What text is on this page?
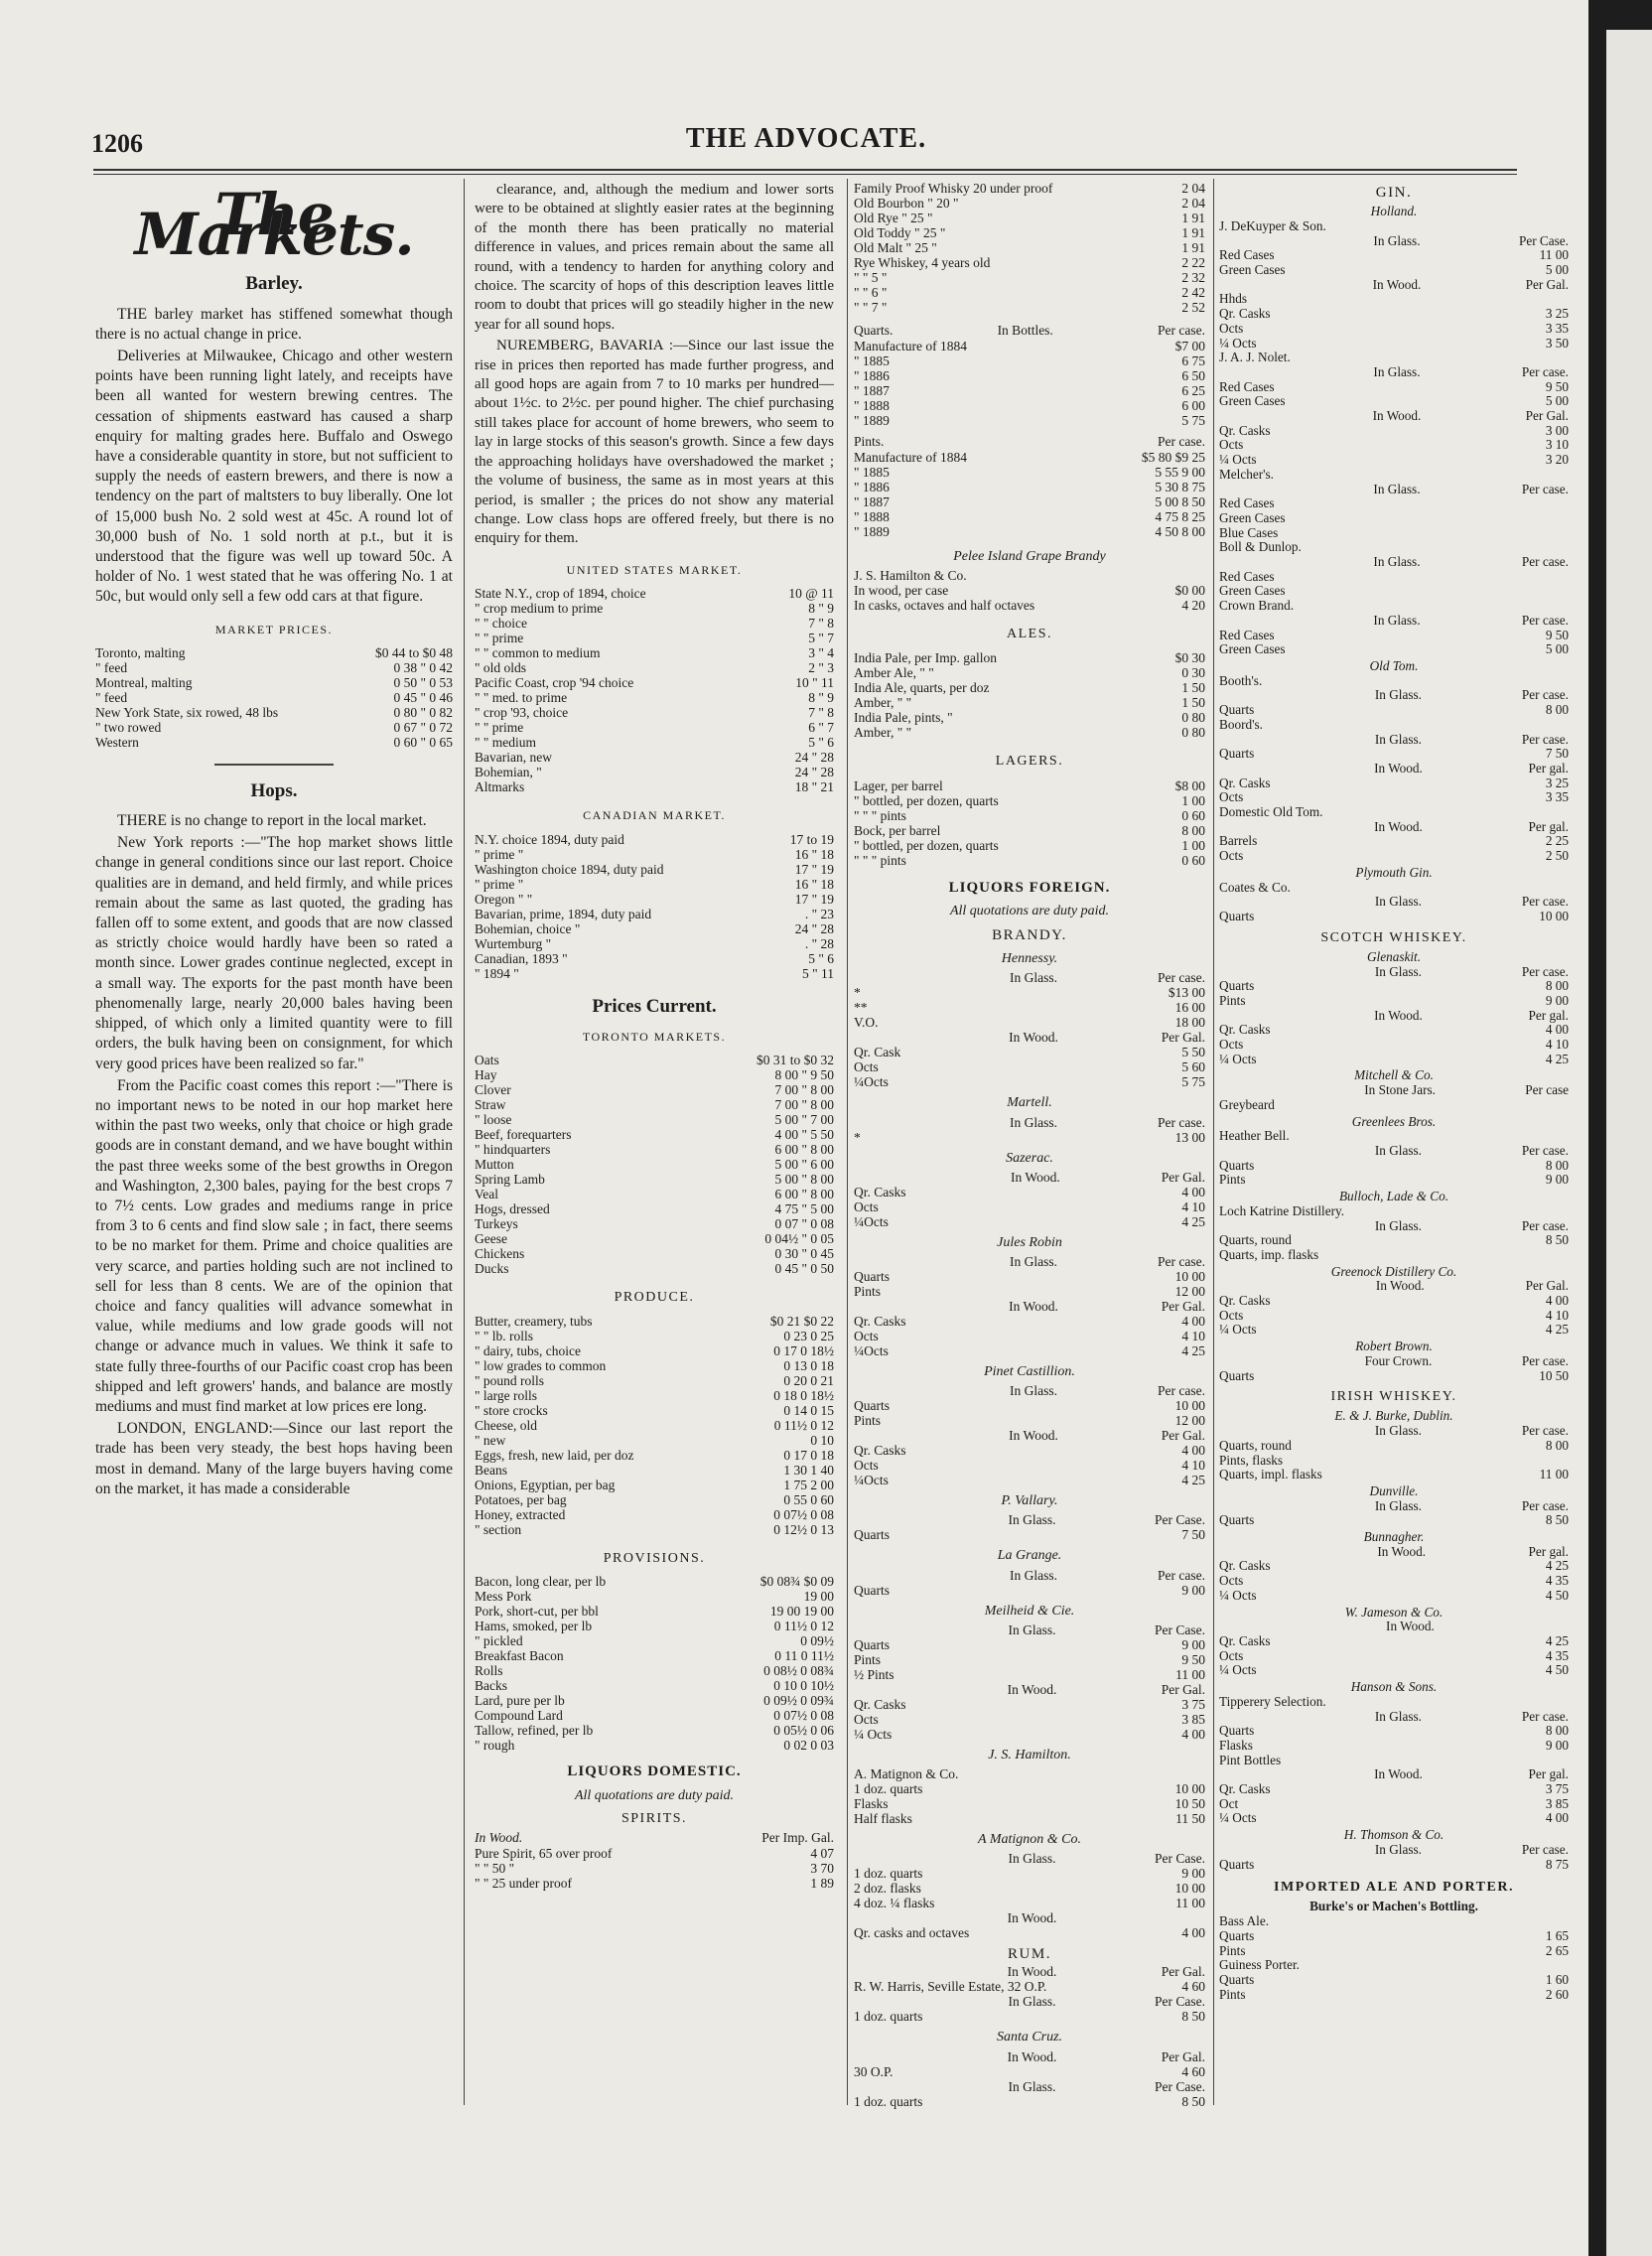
1206	THE ADVOCATE.
The Markets.
Barley.

THE barley market has stiffened somewhat though there is no actual change in price.

Deliveries at Milwaukee, Chicago and other western points have been running light lately, and receipts have been all wanted for western brewing centres. The cessation of shipments eastward has caused a sharp enquiry for malting grades here. Buffalo and Oswego have a considerable quantity in store, but not sufficient to supply the needs of eastern brewers, and there is now a tendency on the part of maltsters to buy liberally. One lot of 15,000 bush No. 2 sold west at 45c. A round lot of 30,000 bush of No. 1 sold north at p.t., but it is understood that the figure was well up toward 50c. A holder of No. 1 west stated that he was offering No. 1 at 50c, but would only sell a few odd cars at that figure.

MARKET PRICES.
Toronto, malting	$0 44 to $0 48
" feed	0 38 " 0 42
Montreal, malting	0 50 " 0 53
" feed	0 45 " 0 46
New York State, six rowed, 48 lbs	0 80 " 0 82
" two rowed	0 67 " 0 72
Western	0 60 " 0 65
Hops.

THERE is no change to report in the local market.

New York reports :—"The hop market shows little change in general conditions since our last report. Choice qualities are in demand, and held firmly, and while prices remain about the same as last quoted, the grading has fallen off to some extent, and goods that are now classed as strictly choice would hardly have been so rated a month since. Lower grades continue neglected, except in a small way. The exports for the past month have been phenomenally large, nearly 20,000 bales having been shipped, of which only a limited quantity were to fill orders, the bulk having been on consignment, for which very good prices have been realized so far."

From the Pacific coast comes this report :—"There is no important news to be noted in our hop market here within the past two weeks, only that choice or high grade goods are in constant demand, and we have bought within the past three weeks some of the best growths in Oregon and Washington, 2,300 bales, paying for the best crops 7 to 7½ cents. Low grades and mediums range in price from 3 to 6 cents and find slow sale ; in fact, there seems to be no market for them. Prime and choice qualities are very scarce, and parties holding such are not inclined to sell for less than 8 cents. We are of the opinion that choice and fancy qualities will advance somewhat in value, while mediums and low grade goods will not change or advance much in values. We think it safe to state fully three-fourths of our Pacific coast crop has been shipped and left growers' hands, and balance are mostly mediums and must find market at low prices ere long.

LONDON, ENGLAND:—Since our last report the trade has been very steady, the best hops having been most in demand. Many of the large buyers having come on the market, it has made a considerable

clearance, and, although the medium and lower sorts were to be obtained at slightly easier rates at the beginning of the month there has been pratically no material difference in values, and prices remain about the same all round, with a tendency to harden for anything colory and choice. The scarcity of hops of this description leaves little room to doubt that prices will go steadily higher in the new year for all sound hops.

NUREMBERG, BAVARIA :—Since our last issue the rise in prices then reported has made further progress, and all good hops are again from 7 to 10 marks per hundred—about 1½c. to 2½c. per pound higher. The chief purchasing still takes place for account of home brewers, who seem to lay in large stocks of this season's growth. Since a few days the approaching holidays have overshadowed the market ; the volume of business, the same as in most years at this period, is smaller ; the prices do not show any material change. Low class hops are offered freely, but there is no enquiry for them.

UNITED STATES MARKET.
State N.Y., crop of 1894, choice	10 @ 11
" crop medium to prime	8 " 9
" " choice	7 " 8
" " prime	5 " 7
" " common to medium	3 " 4
" old olds	2 " 3
Pacific Coast, crop '94 choice	10 " 11
" " med. to prime	8 " 9
" crop '93, choice	7 " 8
" " prime	6 " 7
" " medium	5 " 6
Bavarian, new	24 " 28
Bohemian, "	24 " 28
Altmarks	18 " 21
CANADIAN MARKET.
N.Y. choice 1894, duty paid	17 to 19
" prime "	16 " 18
Washington choice 1894, duty paid	17 " 19
" prime "	16 " 18
Oregon " "	17 " 19
Bavarian, prime, 1894, duty paid	. " 23
Bohemian, choice "	24 " 28
Wurtemburg "	. " 28
Canadian, 1893 "	5 " 6
" 1894 "	5 " 11
Prices Current.
TORONTO MARKETS.
Oats	$0 31 to $0 32
Hay	8 00 " 9 50
Clover	7 00 " 8 00
Straw	7 00 " 8 00
" loose	5 00 " 7 00
Beef, forequarters	4 00 " 5 50
" hindquarters	6 00 " 8 00
Mutton	5 00 " 6 00
Spring Lamb	5 00 " 8 00
Veal	6 00 " 8 00
Hogs, dressed	4 75 " 5 00
Turkeys	0 07 " 0 08
Geese	0 04½ " 0 05
Chickens	0 30 " 0 45
Ducks	0 45 " 0 50
PRODUCE.
Butter, creamery, tubs	$0 21 $0 22
" " lb. rolls	0 23 0 25
" dairy, tubs, choice	0 17 0 18½
" low grades to common	0 13 0 18
" pound rolls	0 20 0 21
" large rolls	0 18 0 18½
" store crocks	0 14 0 15
Cheese, old	0 11½ 0 12
" new	0 10
Eggs, fresh, new laid, per doz	0 17 0 18
Beans	1 30 1 40
Onions, Egyptian, per bag	1 75 2 00
Potatoes, per bag	0 55 0 60
Honey, extracted	0 07½ 0 08
" section	0 12½ 0 13
PROVISIONS.
Bacon, long clear, per lb	$0 08¾ $0 09
Mess Pork	19 00
Pork, short-cut, per bbl	19 00 19 00
Hams, smoked, per lb	0 11½ 0 12
" pickled	0 09½
Breakfast Bacon	0 11 0 11½
Rolls	0 08½ 0 08¾
Backs	0 10 0 10½
Lard, pure per lb	0 09½ 0 09¾
Compound Lard	0 07½ 0 08
Tallow, refined, per lb	0 05½ 0 06
" rough	0 02 0 03
LIQUORS DOMESTIC.
All quotations are duty paid.
SPIRITS.
In Wood.	Per Imp. Gal.
Pure Spirit, 65 over proof	4 07
" " 50 "	3 70
" " 25 under proof	1 89
Family Proof Whisky 20 under proof	2 04
Old Bourbon " 20 "	2 04
Old Rye " 25 "	1 91
Old Toddy " 25 "	1 91
Old Malt " 25 "	1 91
Rye Whiskey, 4 years old	2 22
" " 5 "	2 32
" " 6 "	2 42
" " 7 "	2 52
Quarts.	In Bottles.	Per case.
Manufacture of 1884	$7 00
" 1885	6 75
" 1886	6 50
" 1887	6 25
" 1888	6 00
" 1889	5 75
Pints.	Per case.
Manufacture of 1884	$5 80 $9 25
" 1885	5 55 9 00
" 1886	5 30 8 75
" 1887	5 00 8 50
" 1888	4 75 8 25
" 1889	4 50 8 00
Pelee Island Grape Brandy
J. S. Hamilton & Co.	
In wood, per case	$0 00
In casks, octaves and half octaves	4 20
ALES.
India Pale, per Imp. gallon	$0 30
Amber Ale, " "	0 30
India Ale, quarts, per doz	1 50
Amber, " "	1 50
India Pale, pints, "	0 80
Amber, " "	0 80
LAGERS.
Lager, per barrel	$8 00
" bottled, per dozen, quarts	1 00
" " " pints	0 60
Bock, per barrel	8 00
" bottled, per dozen, quarts	1 00
" " " pints	0 60
LIQUORS FOREIGN.
All quotations are duty paid.
BRANDY.
Hennessy.
In Glass.	Per case.
*	$13 00
**	16 00
V.O.	18 00
In Wood.	Per Gal.
Qr. Cask	5 50
Octs	5 60
¼Octs	5 75
Martell.
In Glass.	Per case.
*	13 00
Sazerac.
In Wood.	Per Gal.
Qr. Casks	4 00
Octs	4 10
¼Octs	4 25
Jules Robin
In Glass.	Per case.
Quarts	10 00
Pints	12 00
In Wood.	Per Gal.
Qr. Casks	4 00
Octs	4 10
¼Octs	4 25
Pinet Castillion.
In Glass.	Per case.
Quarts	10 00
Pints	12 00
In Wood.	Per Gal.
Qr. Casks	4 00
Octs	4 10
¼Octs	4 25
P. Vallary.
In Glass.	Per Case.
Quarts	7 50
La Grange.
In Glass.	Per case.
Quarts	9 00
Meilheid & Cie.
In Glass.	Per Case.
Quarts	9 00
Pints	9 50
½ Pints	11 00
In Wood.	Per Gal.
Qr. Casks	3 75
Octs	3 85
¼ Octs	4 00
J. S. Hamilton.
A. Matignon & Co.	
1 doz. quarts	10 00
Flasks	10 50
Half flasks	11 50
A Matignon & Co.
In Glass.	Per Case.
1 doz. quarts	9 00
2 doz. flasks	10 00
4 doz. ¼ flasks	11 00
In Wood.	
Qr. casks and octaves	4 00
RUM.
In Wood.	Per Gal.
R. W. Harris, Seville Estate, 32 O.P.	4 60
In Glass.	Per Case.
1 doz. quarts	8 50
Santa Cruz.
In Wood.	Per Gal.
30 O.P.	4 60
In Glass.	Per Case.
1 doz. quarts	8 50
GIN.
Holland.
J. DeKuyper & Son.	
In Glass.	Per Case.
Red Cases	11 00
Green Cases	5 00
In Wood.	Per Gal.
Hhds	
Qr. Casks	3 25
Octs	3 35
¼ Octs	3 50
J. A. J. Nolet.	
In Glass.	Per case.
Red Cases	9 50
Green Cases	5 00
In Wood.	Per Gal.
Qr. Casks	3 00
Octs	3 10
¼ Octs	3 20
Melcher's.	
In Glass.	Per case.
Red Cases	
Green Cases	
Blue Cases	
Boll & Dunlop.	
In Glass.	Per case.
Red Cases	
Green Cases	
Crown Brand.	
In Glass.	Per case.
Red Cases	9 50
Green Cases	5 00
Old Tom.
Booth's.	
In Glass.	Per case.
Quarts	8 00
Boord's.	
In Glass.	Per case.
Quarts	7 50
In Wood.	Per gal.
Qr. Casks	3 25
Octs	3 35
Domestic Old Tom.	
In Wood.	Per gal.
Barrels	2 25
Octs	2 50
Plymouth Gin.
Coates & Co.	
In Glass.	Per case.
Quarts	10 00
SCOTCH WHISKEY.
Glenaskit.
In Glass.	Per case.
Quarts	8 00
Pints	9 00
In Wood.	Per gal.
Qr. Casks	4 00
Octs	4 10
¼ Octs	4 25
Mitchell & Co.
In Stone Jars.	Per case
Greybeard	
Greenlees Bros.
Heather Bell.	
In Glass.	Per case.
Quarts	8 00
Pints	9 00
Bulloch, Lade & Co.
Loch Katrine Distillery.	
In Glass.	Per case.
Quarts, round	8 50
Quarts, imp. flasks	
Greenock Distillery Co.
In Wood.	Per Gal.
Qr. Casks	4 00
Octs	4 10
¼ Octs	4 25
Robert Brown.
Four Crown.	Per case.
Quarts	10 50
IRISH WHISKEY.
E. & J. Burke, Dublin.
In Glass.	Per case.
Quarts, round	8 00
Pints, flasks	
Quarts, impl. flasks	11 00
Dunville.
In Glass.	Per case.
Quarts	8 50
Bunnagher.
In Wood.	Per gal.
Qr. Casks	4 25
Octs	4 35
¼ Octs	4 50
W. Jameson & Co.
In Wood.	
Qr. Casks	4 25
Octs	4 35
¼ Octs	4 50
Hanson & Sons.
Tipperery Selection.	
In Glass.	Per case.
Quarts	8 00
Flasks	9 00
Pint Bottles	
In Wood.	Per gal.
Qr. Casks	3 75
Oct	3 85
¼ Octs	4 00
H. Thomson & Co.
In Glass.	Per case.
Quarts	8 75
IMPORTED ALE AND PORTER.
Burke's or Machen's Bottling.
Bass Ale.	
Quarts	1 65
Pints	2 65
Guiness Porter.	
Quarts	1 60
Pints	2 60
